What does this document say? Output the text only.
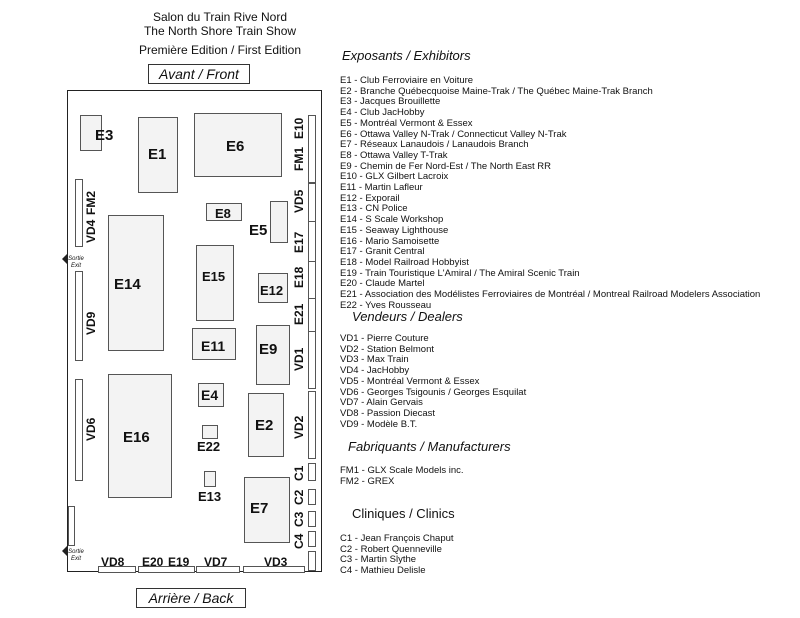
Salon du Train Rive Nord
The North Shore Train Show
Première Edition / First Edition
Avant / Front
Arrière / Back
Sortie
Exit
Sortie
Exit
E3
E1	E6
E8
E5
E14	E15
E12
E11 E9
E4
E16
E2
E22
E13
E7
VD8 E20 E19 VD7	VD3
FM2
VD4
VD9
VD6
E10
FM1
VD5
E17
E18
E21
VD1
VD2
C1
C2
C3
C4
Exposants / Exhibitors
E1 - Club Ferroviaire en Voiture
E2 - Branche Québecquoise Maine-Trak / The Québec Maine-Trak Branch
E3 - Jacques Brouillette
E4 - Club JacHobby
E5 - Montréal Vermont & Essex
E6 - Ottawa Valley N-Trak / Connecticut Valley N-Trak
E7 - Réseaux Lanaudois / Lanaudois Branch
E8 - Ottawa Valley T-Trak
E9 - Chemin de Fer Nord-Est / The North East RR
E10 - GLX Gilbert Lacroix
E11 - Martin Lafleur
E12 - Exporail
E13 - CN Police
E14 - S Scale Workshop
E15 - Seaway Lighthouse
E16 - Mario Samoisette
E17 - Granit Central
E18 - Model Railroad Hobbyist
E19 - Train Touristique L'Amiral / The Amiral Scenic Train
E20 - Claude Martel
E21 - Association des Modélistes Ferroviaires de Montréal / Montreal Railroad Modelers Association
E22 - Yves Rousseau
Vendeurs / Dealers
VD1 - Pierre Couture
VD2 - Station Belmont
VD3 - Max Train
VD4 - JacHobby
VD5 - Montréal Vermont & Essex
VD6 - Georges Tsigounis / Georges Esquilat
VD7 - Alain Gervais
VD8 - Passion Diecast
VD9 - Modèle B.T.
Fabriquants / Manufacturers
FM1 - GLX Scale Models inc.
FM2 - GREX
Cliniques / Clinics
C1 - Jean François Chaput
C2 - Robert Quenneville
C3 - Martin Slythe
C4 - Mathieu Delisle
